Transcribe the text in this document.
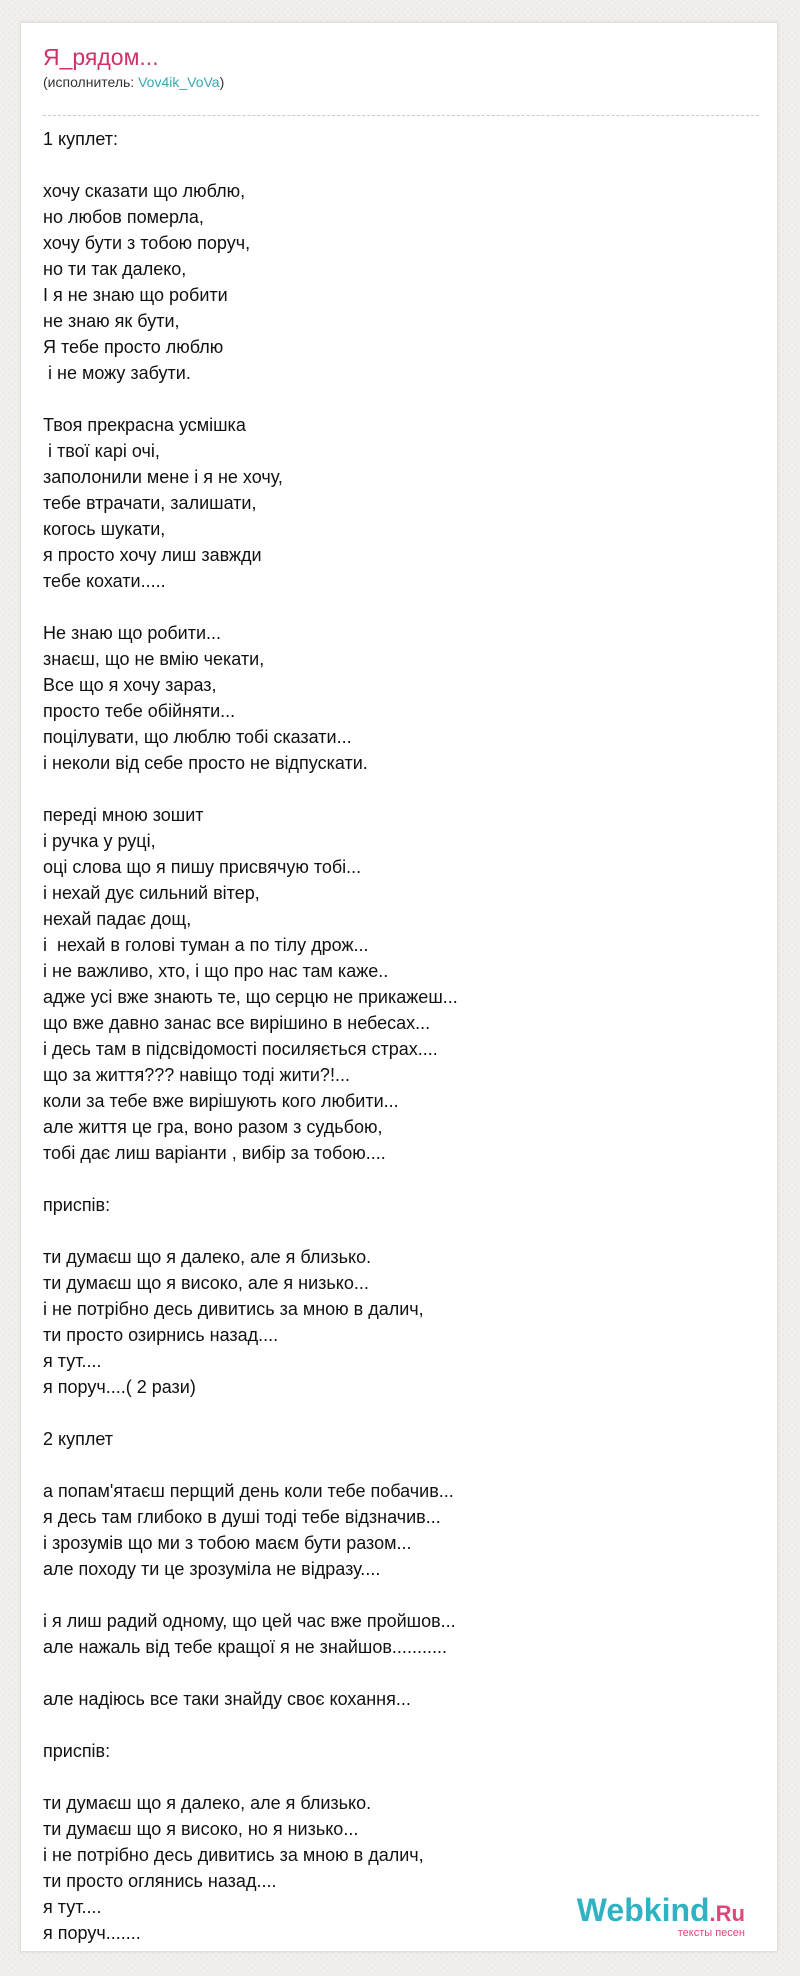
Я_рядом...
(исполнитель: Vov4ik_VoVa)
1 куплет:
хочу сказати що люблю,
но любов померла,
хочу бути з тобою поруч,
но ти так далеко,
І я не знаю що робити
не знаю як бути,
Я тебе просто люблю
і не можу забути.
Твоя прекрасна усмішка
і твої карі очі,
заполонили мене і я не хочу,
тебе втрачати, залишати,
когось шукати,
я просто хочу лиш завжди
тебе кохати.....
Не знаю що робити...
знаєш, що не вмію чекати,
Все що я хочу зараз,
просто тебе обійняти...
поцілувати, що люблю тобі сказати...
і неколи від себе просто не відпускати.
переді мною зошит
і ручка у руці,
оці слова що я пишу присвячую тобі...
і нехай дує сильний вітер,
нехай падає дощ,
і  нехай в голові туман а по тілу дрож...
і не важливо, хто, і що про нас там каже..
адже усі вже знають те, що серцю не прикажеш...
що вже давно занас все вирішино в небесах...
і десь там в підсвідомості посиляється страх....
що за життя??? навіщо тоді жити?!...
коли за тебе вже вирішують кого любити...
але життя це гра, воно разом з судьбою,
тобі дає лиш варіанти , вибір за тобою....
приспів:
ти думаєш що я далеко, але я близько.
ти думаєш що я високо, але я низько...
і не потрібно десь дивитись за мною в далич,
ти просто озирнись назад....
я тут....
я поруч....( 2 рази)
2 куплет
а попам'ятаєш перщий день коли тебе побачив...
я десь там глибоко в душі тоді тебе відзначив...
і зрозумів що ми з тобою маєм бути разом...
але походу ти це зрозуміла не відразу....
і я лиш радий одному, що цей час вже пройшов...
але нажаль від тебе кращої я не знайшов...........
але надіюсь все таки знайду своє кохання...
приспів:
ти думаєш що я далеко, але я близько.
ти думаєш що я високо, но я низько...
і не потрібно десь дивитись за мною в далич,
ти просто оглянись назад....
я тут....
я поруч.......
Webkind.Ru
тексты песен
